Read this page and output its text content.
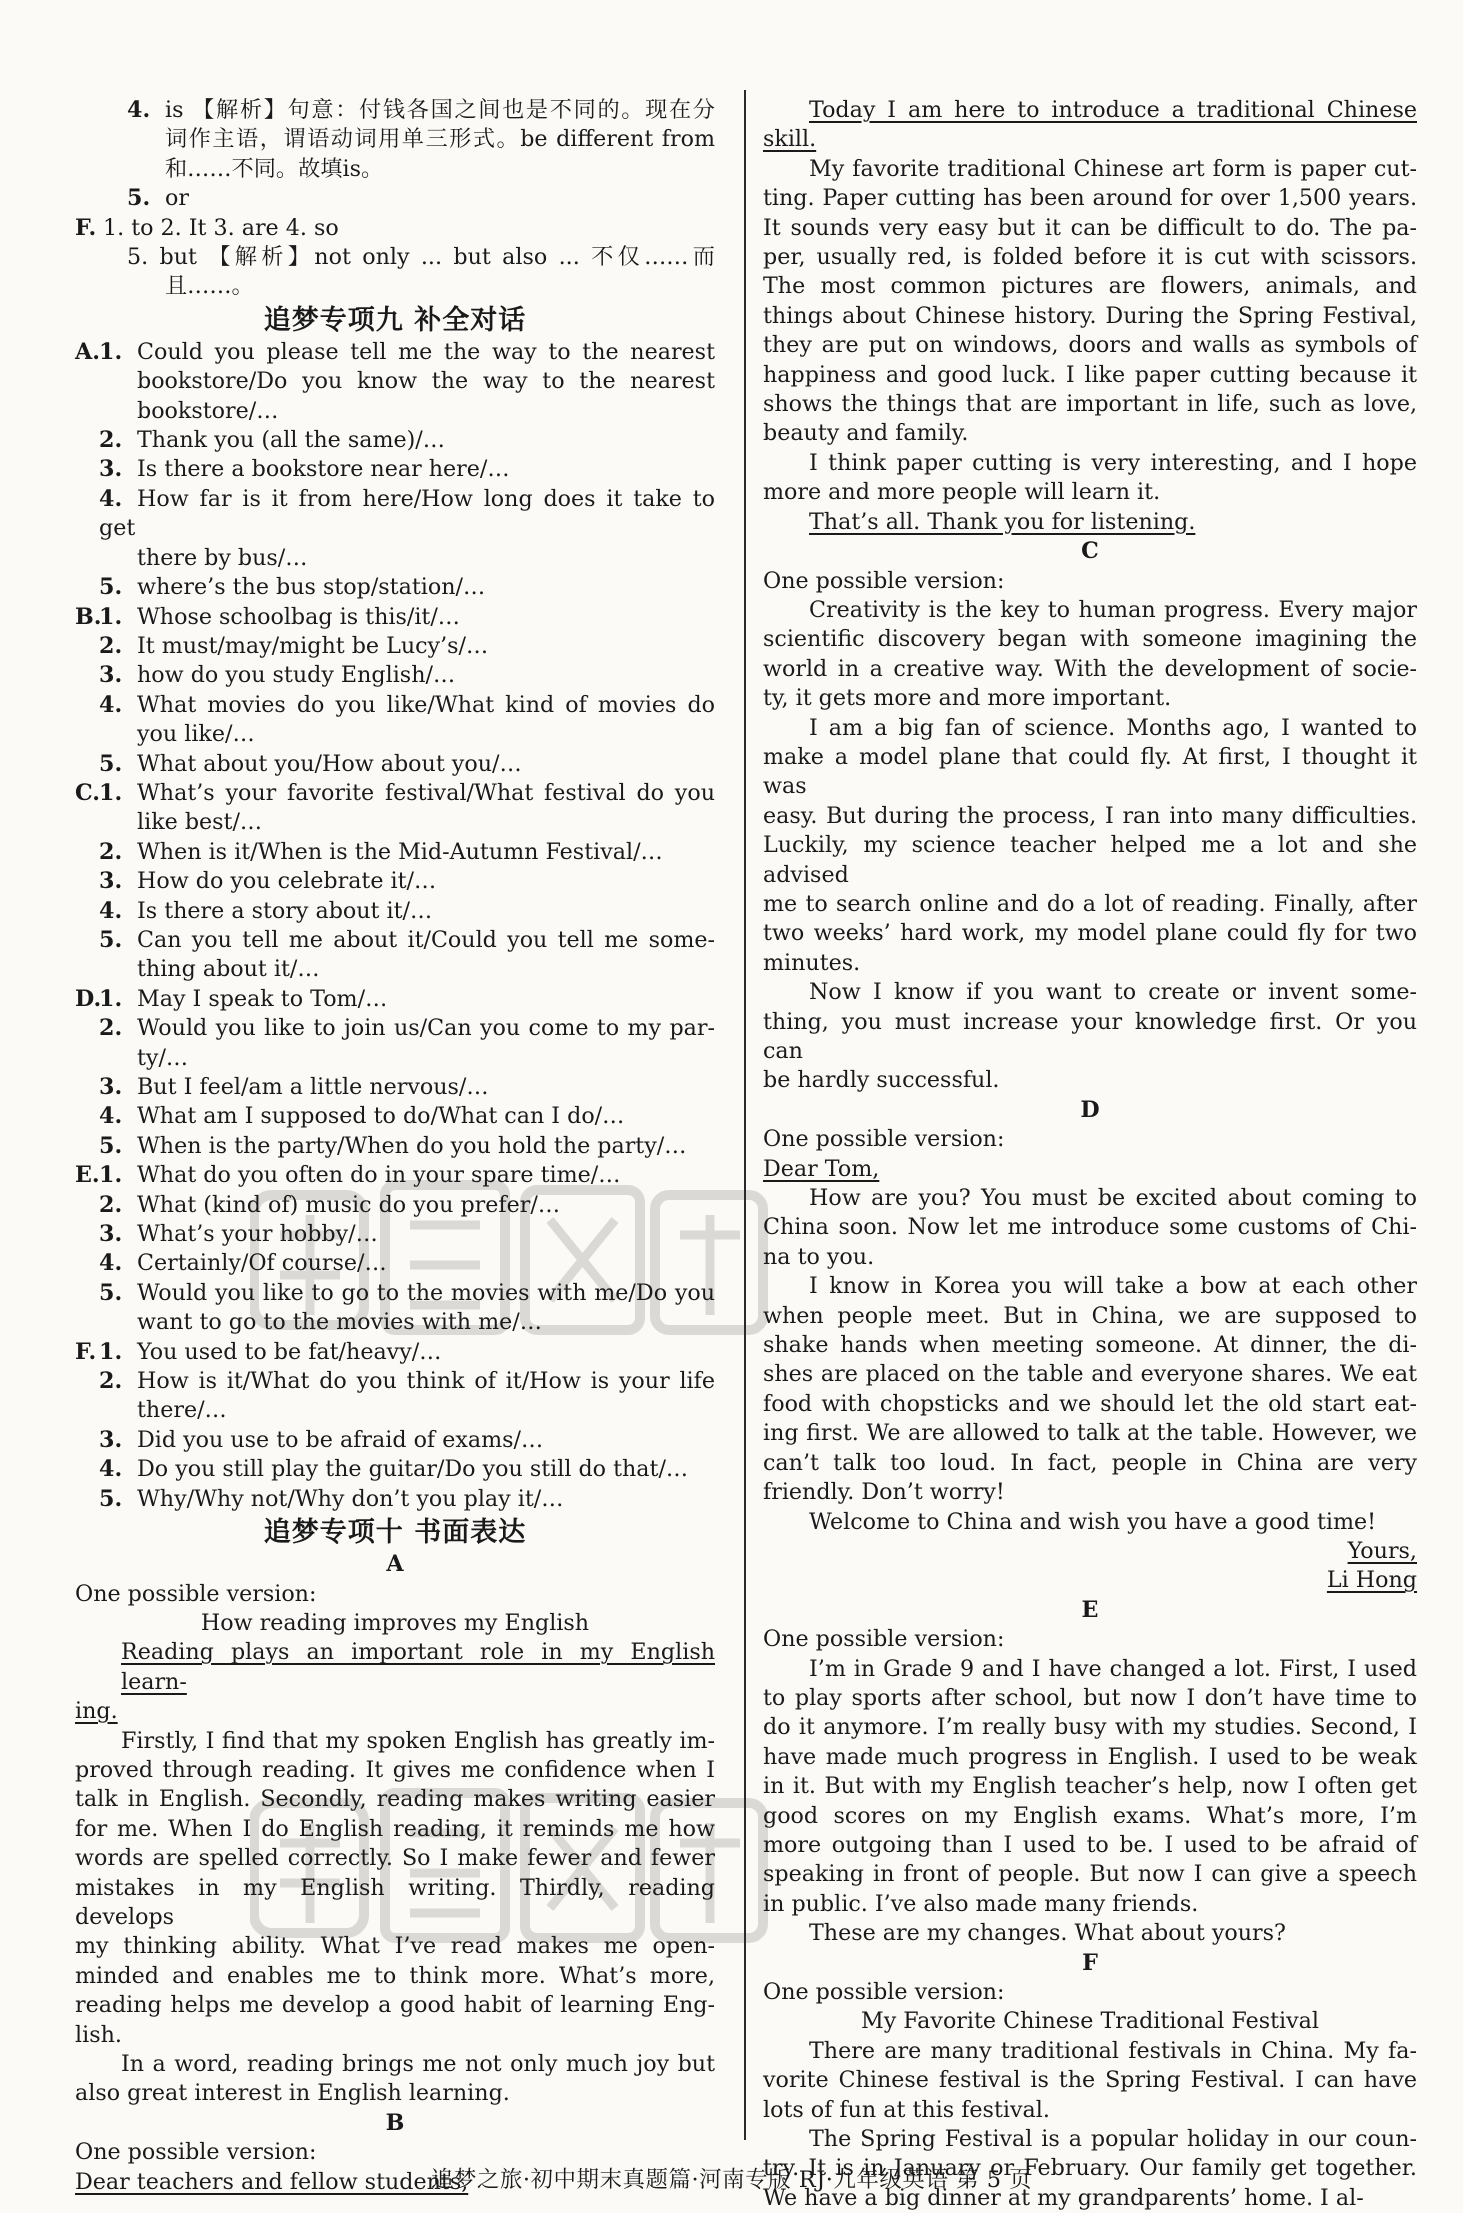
4. is 【解析】句意：付钱各国之间也是不同的。现在分
词作主语，谓语动词用单三形式。be different from
和……不同。故填is。
5. or
F. 1. to 2. It 3. are 4. so
5. but 【解析】not only ... but also ... 不仅……而
且……。
追梦专项九 补全对话
A.1. Could you please tell me the way to the nearest
bookstore/Do you know the way to the nearest
bookstore/…
2. Thank you (all the same)/…
3. Is there a bookstore near here/…
4. How far is it from here/How long does it take to get
there by bus/…
5. where’s the bus stop/station/…
B.1. Whose schoolbag is this/it/…
2. It must/may/might be Lucy’s/…
3. how do you study English/…
4. What movies do you like/What kind of movies do
you like/…
5. What about you/How about you/…
C.1. What’s your favorite festival/What festival do you
like best/…
2. When is it/When is the Mid-Autumn Festival/…
3. How do you celebrate it/…
4. Is there a story about it/…
5. Can you tell me about it/Could you tell me some-
thing about it/…
D.1. May I speak to Tom/…
2. Would you like to join us/Can you come to my par-
ty/…
3. But I feel/am a little nervous/…
4. What am I supposed to do/What can I do/…
5. When is the party/When do you hold the party/…
E.1. What do you often do in your spare time/…
2. What (kind of) music do you prefer/…
3. What’s your hobby/…
4. Certainly/Of course/…
5. Would you like to go to the movies with me/Do you
want to go to the movies with me/…
F. 1. You used to be fat/heavy/…
2. How is it/What do you think of it/How is your life
there/…
3. Did you use to be afraid of exams/…
4. Do you still play the guitar/Do you still do that/…
5. Why/Why not/Why don’t you play it/…
追梦专项十 书面表达
A
One possible version:
How reading improves my English
Reading plays an important role in my English learn-
ing.
Firstly, I find that my spoken English has greatly im-
proved through reading. It gives me confidence when I
talk in English. Secondly, reading makes writing easier
for me. When I do English reading, it reminds me how
words are spelled correctly. So I make fewer and fewer
mistakes in my English writing. Thirdly, reading develops
my thinking ability. What I’ve read makes me open-
minded and enables me to think more. What’s more,
reading helps me develop a good habit of learning Eng-
lish.
In a word, reading brings me not only much joy but
also great interest in English learning.
B
One possible version:
Dear teachers and fellow students,
Today I am here to introduce a traditional Chinese
skill.
My favorite traditional Chinese art form is paper cut-
ting. Paper cutting has been around for over 1,500 years.
It sounds very easy but it can be difficult to do. The pa-
per, usually red, is folded before it is cut with scissors.
The most common pictures are flowers, animals, and
things about Chinese history. During the Spring Festival,
they are put on windows, doors and walls as symbols of
happiness and good luck. I like paper cutting because it
shows the things that are important in life, such as love,
beauty and family.
I think paper cutting is very interesting, and I hope
more and more people will learn it.
That’s all. Thank you for listening.
C
One possible version:
Creativity is the key to human progress. Every major
scientific discovery began with someone imagining the
world in a creative way. With the development of socie-
ty, it gets more and more important.
I am a big fan of science. Months ago, I wanted to
make a model plane that could fly. At first, I thought it was
easy. But during the process, I ran into many difficulties.
Luckily, my science teacher helped me a lot and she advised
me to search online and do a lot of reading. Finally, after
two weeks’ hard work, my model plane could fly for two
minutes.
Now I know if you want to create or invent some-
thing, you must increase your knowledge first. Or you can
be hardly successful.
D
One possible version:
Dear Tom,
How are you? You must be excited about coming to
China soon. Now let me introduce some customs of Chi-
na to you.
I know in Korea you will take a bow at each other
when people meet. But in China, we are supposed to
shake hands when meeting someone. At dinner, the di-
shes are placed on the table and everyone shares. We eat
food with chopsticks and we should let the old start eat-
ing first. We are allowed to talk at the table. However, we
can’t talk too loud. In fact, people in China are very
friendly. Don’t worry!
Welcome to China and wish you have a good time!
Yours,
Li Hong
E
One possible version:
I’m in Grade 9 and I have changed a lot. First, I used
to play sports after school, but now I don’t have time to
do it anymore. I’m really busy with my studies. Second, I
have made much progress in English. I used to be weak
in it. But with my English teacher’s help, now I often get
good scores on my English exams. What’s more, I’m
more outgoing than I used to be. I used to be afraid of
speaking in front of people. But now I can give a speech
in public. I’ve also made many friends.
These are my changes. What about yours?
F
One possible version:
My Favorite Chinese Traditional Festival
There are many traditional festivals in China. My fa-
vorite Chinese festival is the Spring Festival. I can have
lots of fun at this festival.
The Spring Festival is a popular holiday in our coun-
try. It is in January or February. Our family get together.
We have a big dinner at my grandparents’ home. I al-
追梦之旅·初中期末真题篇·河南专版 RJ·九年级英语 第 5 页
